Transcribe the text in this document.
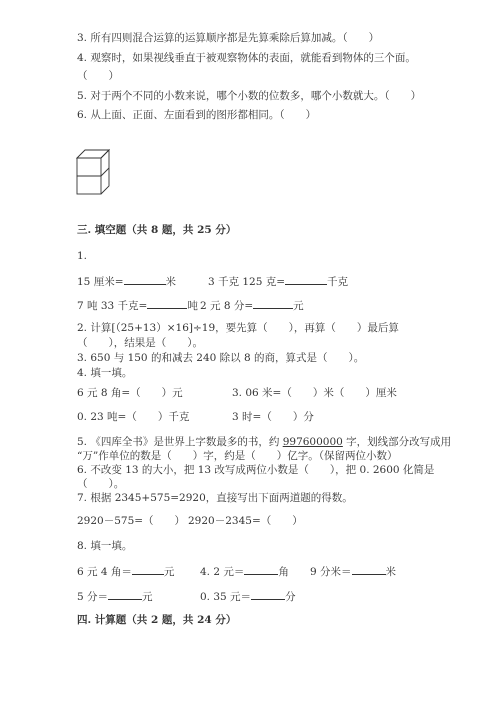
3. 所有四则混合运算的运算顺序都是先算乘除后算加减。（　　）
4. 观察时，如果视线垂直于被观察物体的表面，就能看到物体的三个面。
（　　）
5. 对于两个不同的小数来说，哪个小数的位数多，哪个小数就大。（　　）
6. 从上面、正面、左面看到的图形都相同。（　　）
三. 填空题（共 8 题，共 25 分）
1.
15 厘米=	米	3 千克 125 克=	千克
7 吨 33 千克=	吨 2 元 8 分=	元
2. 计算[（25+13）×16]÷19，要先算（　　），再算（　　）最后算
（　　），结果是（　　）。
3. 650 与 150 的和减去 240 除以 8 的商，算式是（　　）。
4. 填一填。
6 元 8 角=（　　）元	3. 06 米=（　　）米（　　）厘米
0. 23 吨=（　　）千克	3 时=（　　）分
5. 《四库全书》是世界上字数最多的书，约 997600000 字，划线部分改写成用
“万”作单位的数是（　　）字，约是（　　）亿字。（保留两位小数）
6. 不改变 13 的大小，把 13 改写成两位小数是（　　），把 0. 2600 化简是
（　　）。
7. 根据 2345+575=2920，直接写出下面两道题的得数。
2920－575=（　　） 2920－2345=（　　）
8. 填一填。
6 元 4 角＝	元 4. 2 元＝	角 9 分米＝	米
5 分＝	元	0. 35 元＝	分
四. 计算题（共 2 题，共 24 分）
